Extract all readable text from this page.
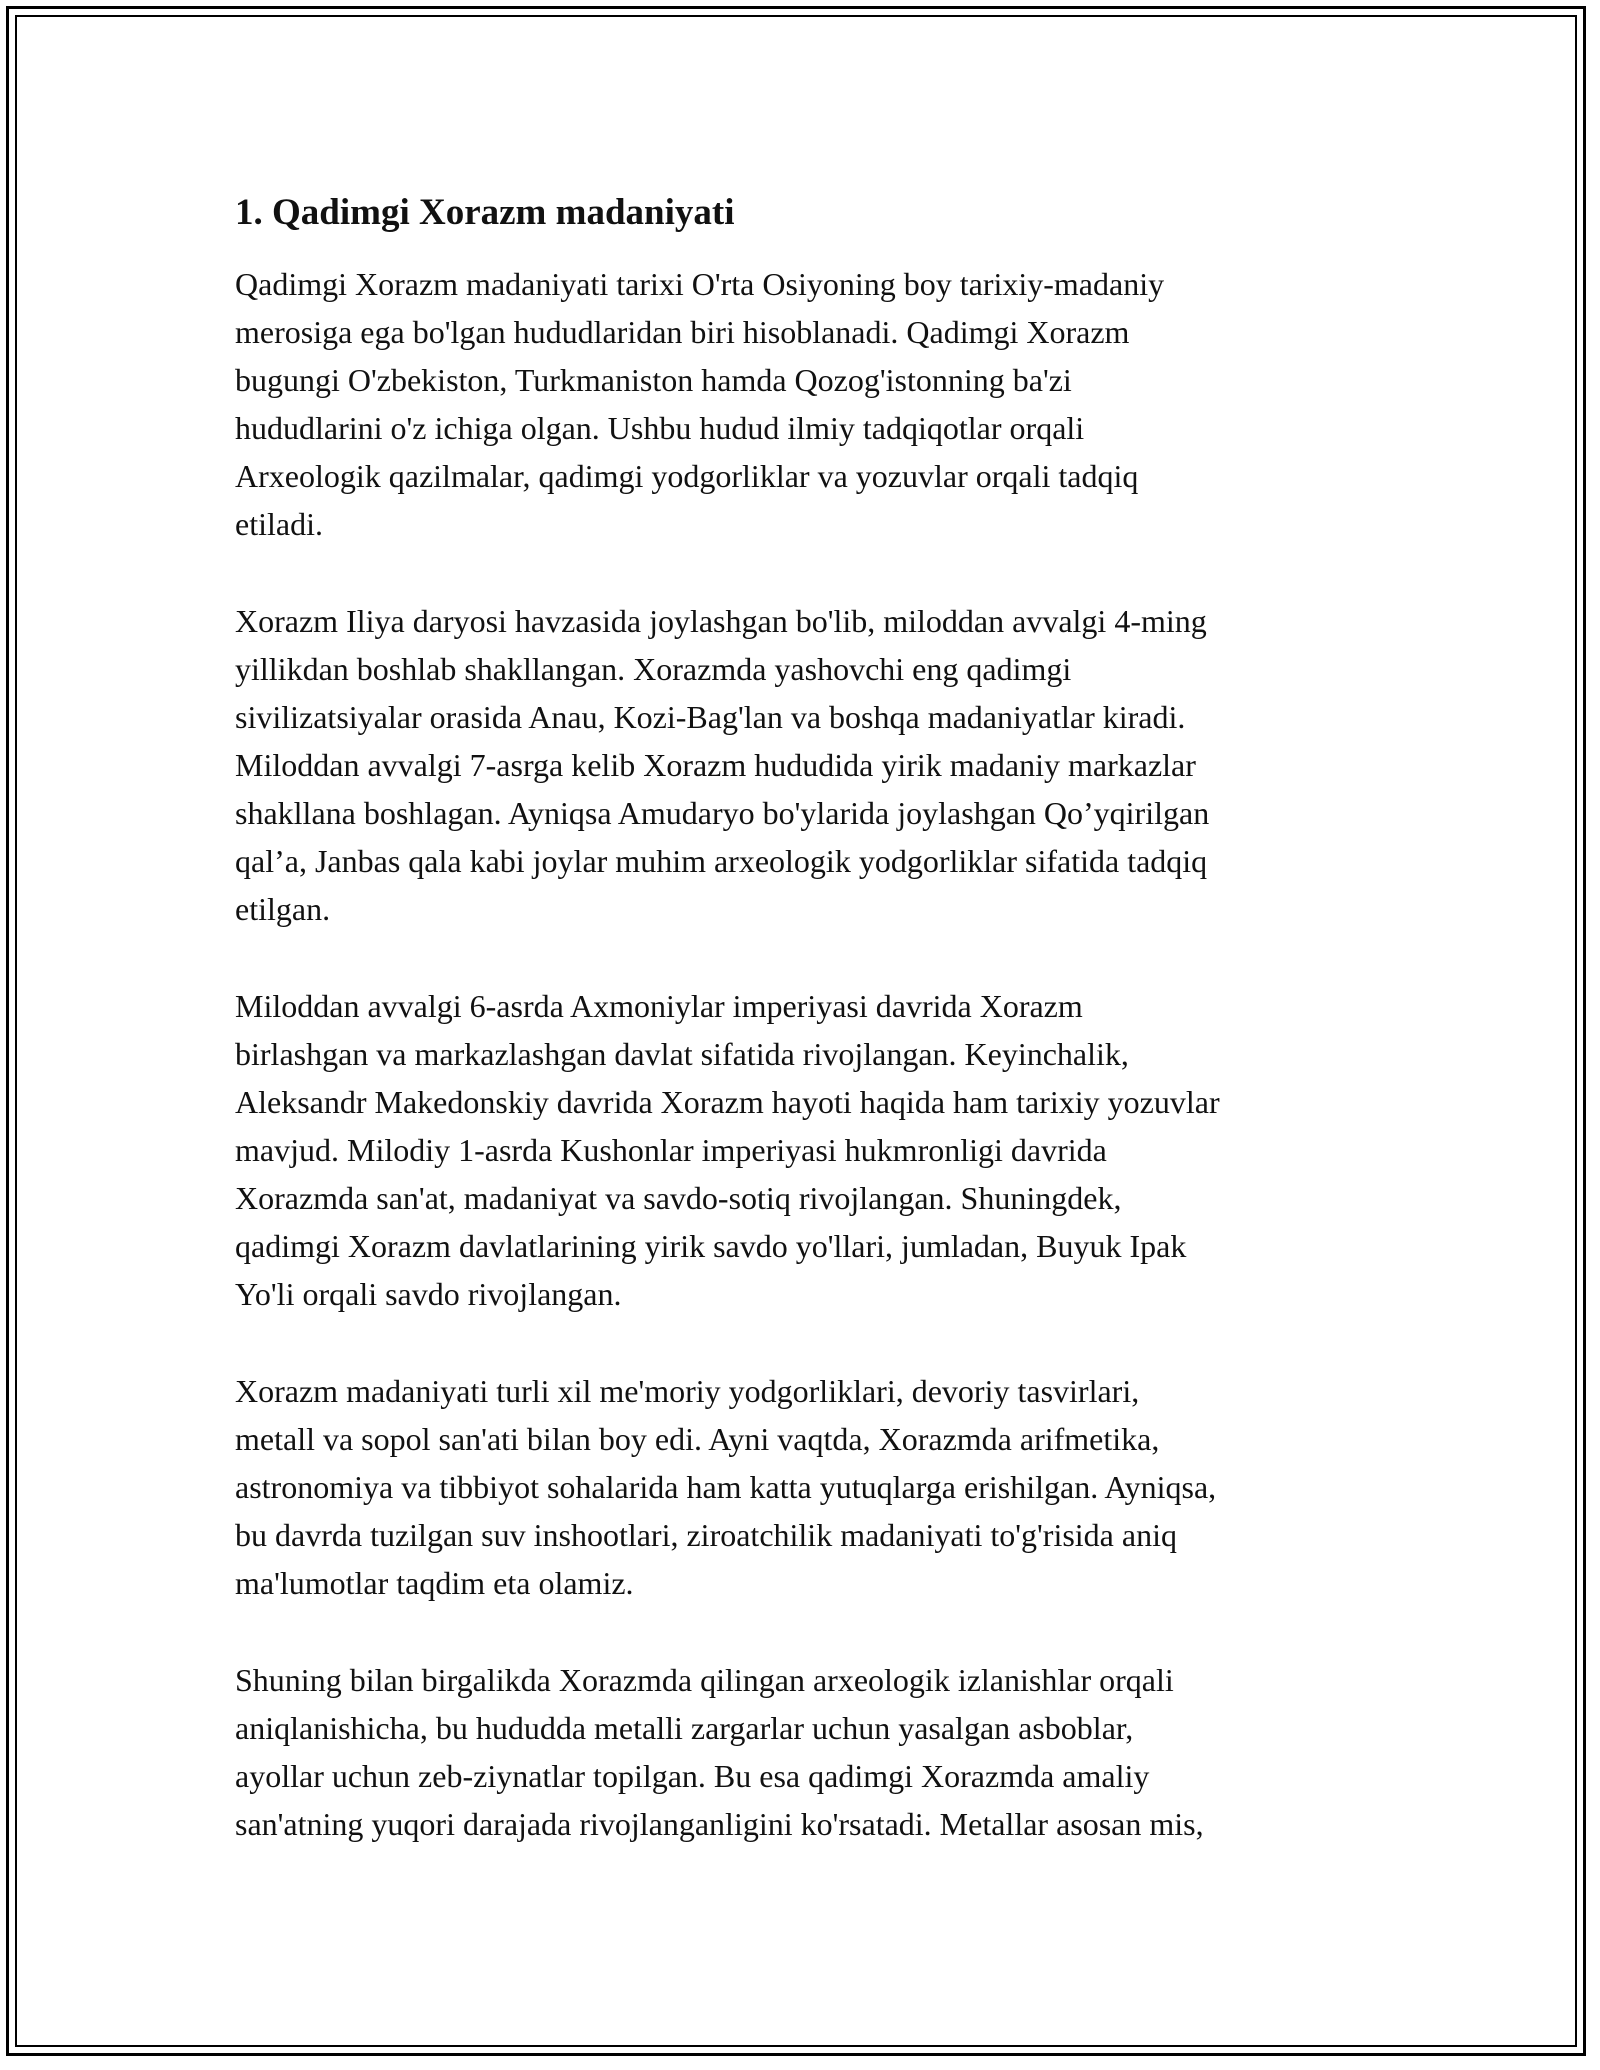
1. Qadimgi Xorazm madaniyati
Qadimgi Xorazm madaniyati tarixi O'rta Osiyoning boy tarixiy-madaniy
merosiga ega bo'lgan hududlaridan biri hisoblanadi. Qadimgi Xorazm
bugungi O'zbekiston, Turkmaniston hamda Qozog'istonning ba'zi
hududlarini o'z ichiga olgan. Ushbu hudud ilmiy tadqiqotlar orqali
Arxeologik qazilmalar, qadimgi yodgorliklar va yozuvlar orqali tadqiq
etiladi.
Xorazm Iliya daryosi havzasida joylashgan bo'lib, miloddan avvalgi 4-ming
yillikdan boshlab shakllangan. Xorazmda yashovchi eng qadimgi
sivilizatsiyalar orasida Anau, Kozi-Bag'lan va boshqa madaniyatlar kiradi.
Miloddan avvalgi 7-asrga kelib Xorazm hududida yirik madaniy markazlar
shakllana boshlagan. Ayniqsa Amudaryo bo'ylarida joylashgan Qo’yqirilgan
qal’a, Janbas qala kabi joylar muhim arxeologik yodgorliklar sifatida tadqiq
etilgan.
Miloddan avvalgi 6-asrda Axmoniylar imperiyasi davrida Xorazm
birlashgan va markazlashgan davlat sifatida rivojlangan. Keyinchalik,
Aleksandr Makedonskiy davrida Xorazm hayoti haqida ham tarixiy yozuvlar
mavjud. Milodiy 1-asrda Kushonlar imperiyasi hukmronligi davrida
Xorazmda san'at, madaniyat va savdo-sotiq rivojlangan. Shuningdek,
qadimgi Xorazm davlatlarining yirik savdo yo'llari, jumladan, Buyuk Ipak
Yo'li orqali savdo rivojlangan.
Xorazm madaniyati turli xil me'moriy yodgorliklari, devoriy tasvirlari,
metall va sopol san'ati bilan boy edi. Ayni vaqtda, Xorazmda arifmetika,
astronomiya va tibbiyot sohalarida ham katta yutuqlarga erishilgan. Ayniqsa,
bu davrda tuzilgan suv inshootlari, ziroatchilik madaniyati to'g'risida aniq
ma'lumotlar taqdim eta olamiz.
Shuning bilan birgalikda Xorazmda qilingan arxeologik izlanishlar orqali
aniqlanishicha, bu hududda metalli zargarlar uchun yasalgan asboblar,
ayollar uchun zeb-ziynatlar topilgan. Bu esa qadimgi Xorazmda amaliy
san'atning yuqori darajada rivojlanganligini ko'rsatadi. Metallar asosan mis,
